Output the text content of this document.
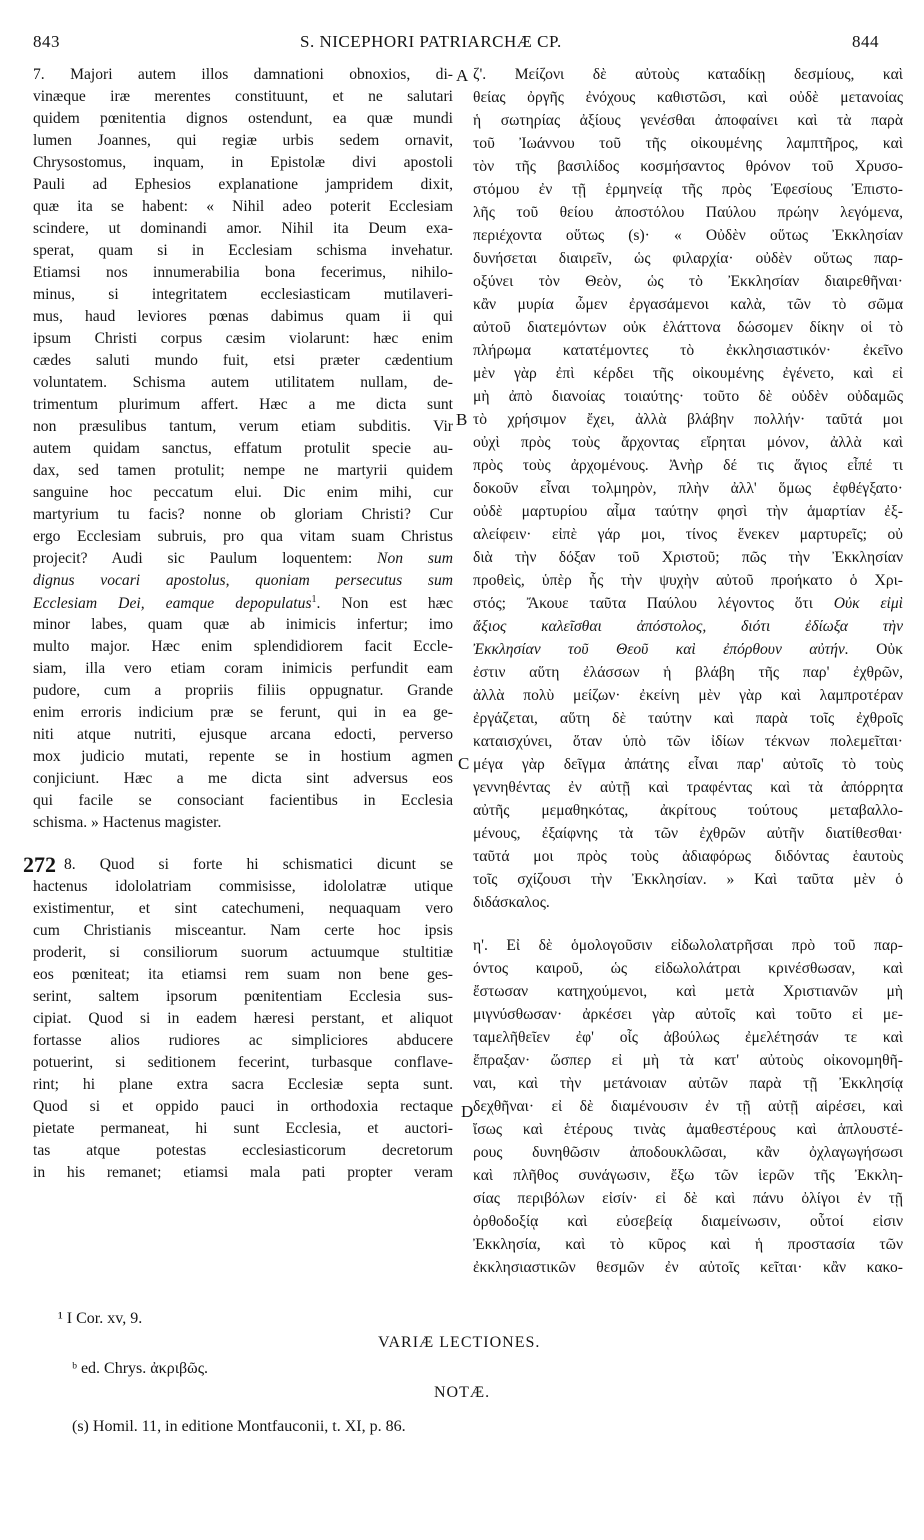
843	S. NICEPHORI PATRIARCHÆ CP.	844
A
B
C
D
7. Majori autem illos damnationi obnoxios, di-
vinæque iræ merentes constituunt, et ne salutari
quidem pœnitentia dignos ostendunt, ea quæ mundi
lumen Joannes, qui regiæ urbis sedem ornavit,
Chrysostomus, inquam, in Epistolæ divi apostoli
Pauli ad Ephesios explanatione jampridem dixit,
quæ ita se habent: « Nihil adeo poterit Ecclesiam
scindere, ut dominandi amor. Nihil ita Deum exa-
sperat, quam si in Ecclesiam schisma invehatur.
Etiamsi nos innumerabilia bona fecerimus, nihilo-
minus, si integritatem ecclesiasticam mutilaveri-
mus, haud leviores pœnas dabimus quam ii qui
ipsum Christi corpus cæsim violarunt: hæc enim
cædes saluti mundo fuit, etsi præter cædentium
voluntatem. Schisma autem utilitatem nullam, de-
trimentum plurimum affert. Hæc a me dicta sunt
non præsulibus tantum, verum etiam subditis. Vir
autem quidam sanctus, effatum protulit specie au-
dax, sed tamen protulit; nempe ne martyrii quidem
sanguine hoc peccatum elui. Dic enim mihi, cur
martyrium tu facis? nonne ob gloriam Christi? Cur
ergo Ecclesiam subruis, pro qua vitam suam Christus
projecit? Audi sic Paulum loquentem: Non sum
dignus vocari apostolus, quoniam persecutus sum
Ecclesiam Dei, eamque depopulatus$^1$. Non est hæc
minor labes, quam quæ ab inimicis infertur; imo
multo major. Hæc enim splendidiorem facit Eccle-
siam, illa vero etiam coram inimicis perfundit eam
pudore, cum a propriis filiis oppugnatur. Grande
enim erroris indicium præ se ferunt, qui in ea ge-
niti atque nutriti, ejusque arcana edocti, perverso
mox judicio mutati, repente se in hostium agmen
conjiciunt. Hæc a me dicta sint adversus eos
qui facile se consociant facientibus in Ecclesia
schisma. » Hactenus magister.
8. Quod si forte hi schismatici dicunt se
272
hactenus idololatriam commisisse, idololatræ utique
existimentur, et sint catechumeni, nequaquam vero
cum Christianis misceantur. Nam certe hoc ipsis
proderit, si consiliorum suorum actuumque stultitiæ
eos pœniteat; ita etiamsi rem suam non bene ges-
serint, saltem ipsorum pœnitentiam Ecclesia sus-
cipiat. Quod si in eadem hæresi perstant, et aliquot
fortasse alios rudiores ac simpliciores abducere
potuerint, si seditionem fecerint, turbasque conflave-
rint; hi plane extra sacra Ecclesiæ septa sunt.
Quod si et oppido pauci in orthodoxia rectaque
pietate permaneat, hi sunt Ecclesia, et auctori-
tas atque potestas ecclesiasticorum decretorum
in his remanet; etiamsi mala pati propter veram
ζ'. Μείζονι δὲ αὐτοὺς καταδίκῃ δεσμίους, καὶ
θείας ὀργῆς ἐνόχους καθιστῶσι, καὶ οὐδὲ μετανοίας
ἡ σωτηρίας ἀξίους γενέσθαι ἀποφαίνει καὶ τὰ παρὰ
τοῦ Ἰωάννου τοῦ τῆς οἰκουμένης λαμπτῆρος, καὶ
τὸν τῆς βασιλίδος κοσμήσαντος θρόνον τοῦ Χρυσο-
στόμου ἐν τῇ ἑρμηνείᾳ τῆς πρὸς Ἐφεσίους Ἐπιστο-
λῆς τοῦ θείου ἀποστόλου Παύλου πρώην λεγόμενα,
περιέχοντα οὕτως (s)· « Οὐδὲν οὕτως Ἐκκλησίαν
δυνήσεται διαιρεῖν, ὡς φιλαρχία· οὐδὲν οὕτως παρ-
οξύνει τὸν Θεὸν, ὡς τὸ Ἐκκλησίαν διαιρεθῆναι·
κἂν μυρία ὦμεν ἐργασάμενοι καλὰ, τῶν τὸ σῶμα
αὐτοῦ διατεμόντων οὐκ ἐλάττονα δώσομεν δίκην οἱ τὸ
πλήρωμα κατατέμοντες τὸ ἐκκλησιαστικόν· ἐκεῖνο
μὲν γὰρ ἐπὶ κέρδει τῆς οἰκουμένης ἐγένετο, καὶ εἰ
μὴ ἀπὸ διανοίας τοιαύτης· τοῦτο δὲ οὐδὲν οὐδαμῶς
τὸ χρήσιμον ἔχει, ἀλλὰ βλάβην πολλήν· ταῦτά μοι
οὐχὶ πρὸς τοὺς ἄρχοντας εἴρηται μόνον, ἀλλὰ καὶ
πρὸς τοὺς ἀρχομένους. Ἀνὴρ δέ τις ἅγιος εἶπέ τι
δοκοῦν εἶναι τολμηρὸν, πλὴν ἀλλ' ὅμως ἐφθέγξατο·
οὐδὲ μαρτυρίου αἷμα ταύτην φησὶ τὴν ἁμαρτίαν ἐξ-
αλείφειν· εἰπὲ γάρ μοι, τίνος ἕνεκεν μαρτυρεῖς; οὐ
διὰ τὴν δόξαν τοῦ Χριστοῦ; πῶς τὴν Ἐκκλησίαν
προθεὶς, ὑπὲρ ἧς τὴν ψυχὴν αὐτοῦ προήκατο ὁ Χρι-
στός; Ἄκουε ταῦτα Παύλου λέγοντος ὅτι Οὐκ εἰμὶ
ἄξιος καλεῖσθαι ἀπόστολος, διότι ἐδίωξα τὴν
Ἐκκλησίαν τοῦ Θεοῦ καὶ ἐπόρθουν αὐτήν. Οὐκ
ἐστιν αὕτη ἐλάσσων ἡ βλάβη τῆς παρ' ἐχθρῶν,
ἀλλὰ πολὺ μείζων· ἐκείνη μὲν γὰρ καὶ λαμπροτέραν
ἐργάζεται, αὕτη δὲ ταύτην καὶ παρὰ τοῖς ἐχθροῖς
καταισχύνει, ὅταν ὑπὸ τῶν ἰδίων τέκνων πολεμεῖται·
μέγα γὰρ δεῖγμα ἀπάτης εἶναι παρ' αὐτοῖς τὸ τοὺς
γεννηθέντας ἐν αὐτῇ καὶ τραφέντας καὶ τὰ ἀπόρρητα
αὐτῆς μεμαθηκότας, ἀκρίτους τούτους μεταβαλλο-
μένους, ἐξαίφνης τὰ τῶν ἐχθρῶν αὐτῆν διατίθεσθαι·
ταῦτά μοι πρὸς τοὺς ἀδιαφόρως διδόντας ἑαυτοὺς
τοῖς σχίζουσι τὴν Ἐκκλησίαν. » Καὶ ταῦτα μὲν ὁ
διδάσκαλος.
η'. Εἰ δὲ ὁμολογοῦσιν εἰδωλολατρῆσαι πρὸ τοῦ παρ-
όντος καιροῦ, ὡς εἰδωλολάτραι κρινέσθωσαν, καὶ
ἔστωσαν κατηχούμενοι, καὶ μετὰ Χριστιανῶν μὴ
μιγνύσθωσαν· ἀρκέσει γὰρ αὐτοῖς καὶ τοῦτο εἰ με-
ταμελῆθεῖεν ἐφ' οἷς ἀβούλως ἐμελέτησάν τε καὶ
ἔπραξαν· ὥσπερ εἰ μὴ τὰ κατ' αὐτοὺς οἰκονομηθῆ-
ναι, καὶ τὴν μετάνοιαν αὐτῶν παρὰ τῇ Ἐκκλησίᾳ
δεχθῆναι· εἰ δὲ διαμένουσιν ἐν τῇ αὐτῇ αἱρέσει, καὶ
ἴσως καὶ ἑτέρους τινὰς ἀμαθεστέρους καὶ ἁπλουστέ-
ρους δυνηθῶσιν ἀποδουκλῶσαι, κἂν ὀχλαγωγήσωσι
καὶ πλῆθος συνάγωσιν, ἔξω τῶν ἱερῶν τῆς Ἐκκλη-
σίας περιβόλων εἰσίν· εἰ δὲ καὶ πάνυ ὀλίγοι ἐν τῇ
ὀρθοδοξίᾳ καὶ εὐσεβείᾳ διαμείνωσιν, οὗτοί εἰσιν
Ἐκκλησία, καὶ τὸ κῦρος καὶ ἡ προστασία τῶν
ἐκκλησιαστικῶν θεσμῶν ἐν αὐτοῖς κεῖται· κἂν κακο-
¹ I Cor. xv, 9.
VARIÆ LECTIONES.
ᵇ ed. Chrys. ἀκριβῶς.
NOTÆ.
(s) Homil. 11, in editione Montfauconii, t. XI, p. 86.
